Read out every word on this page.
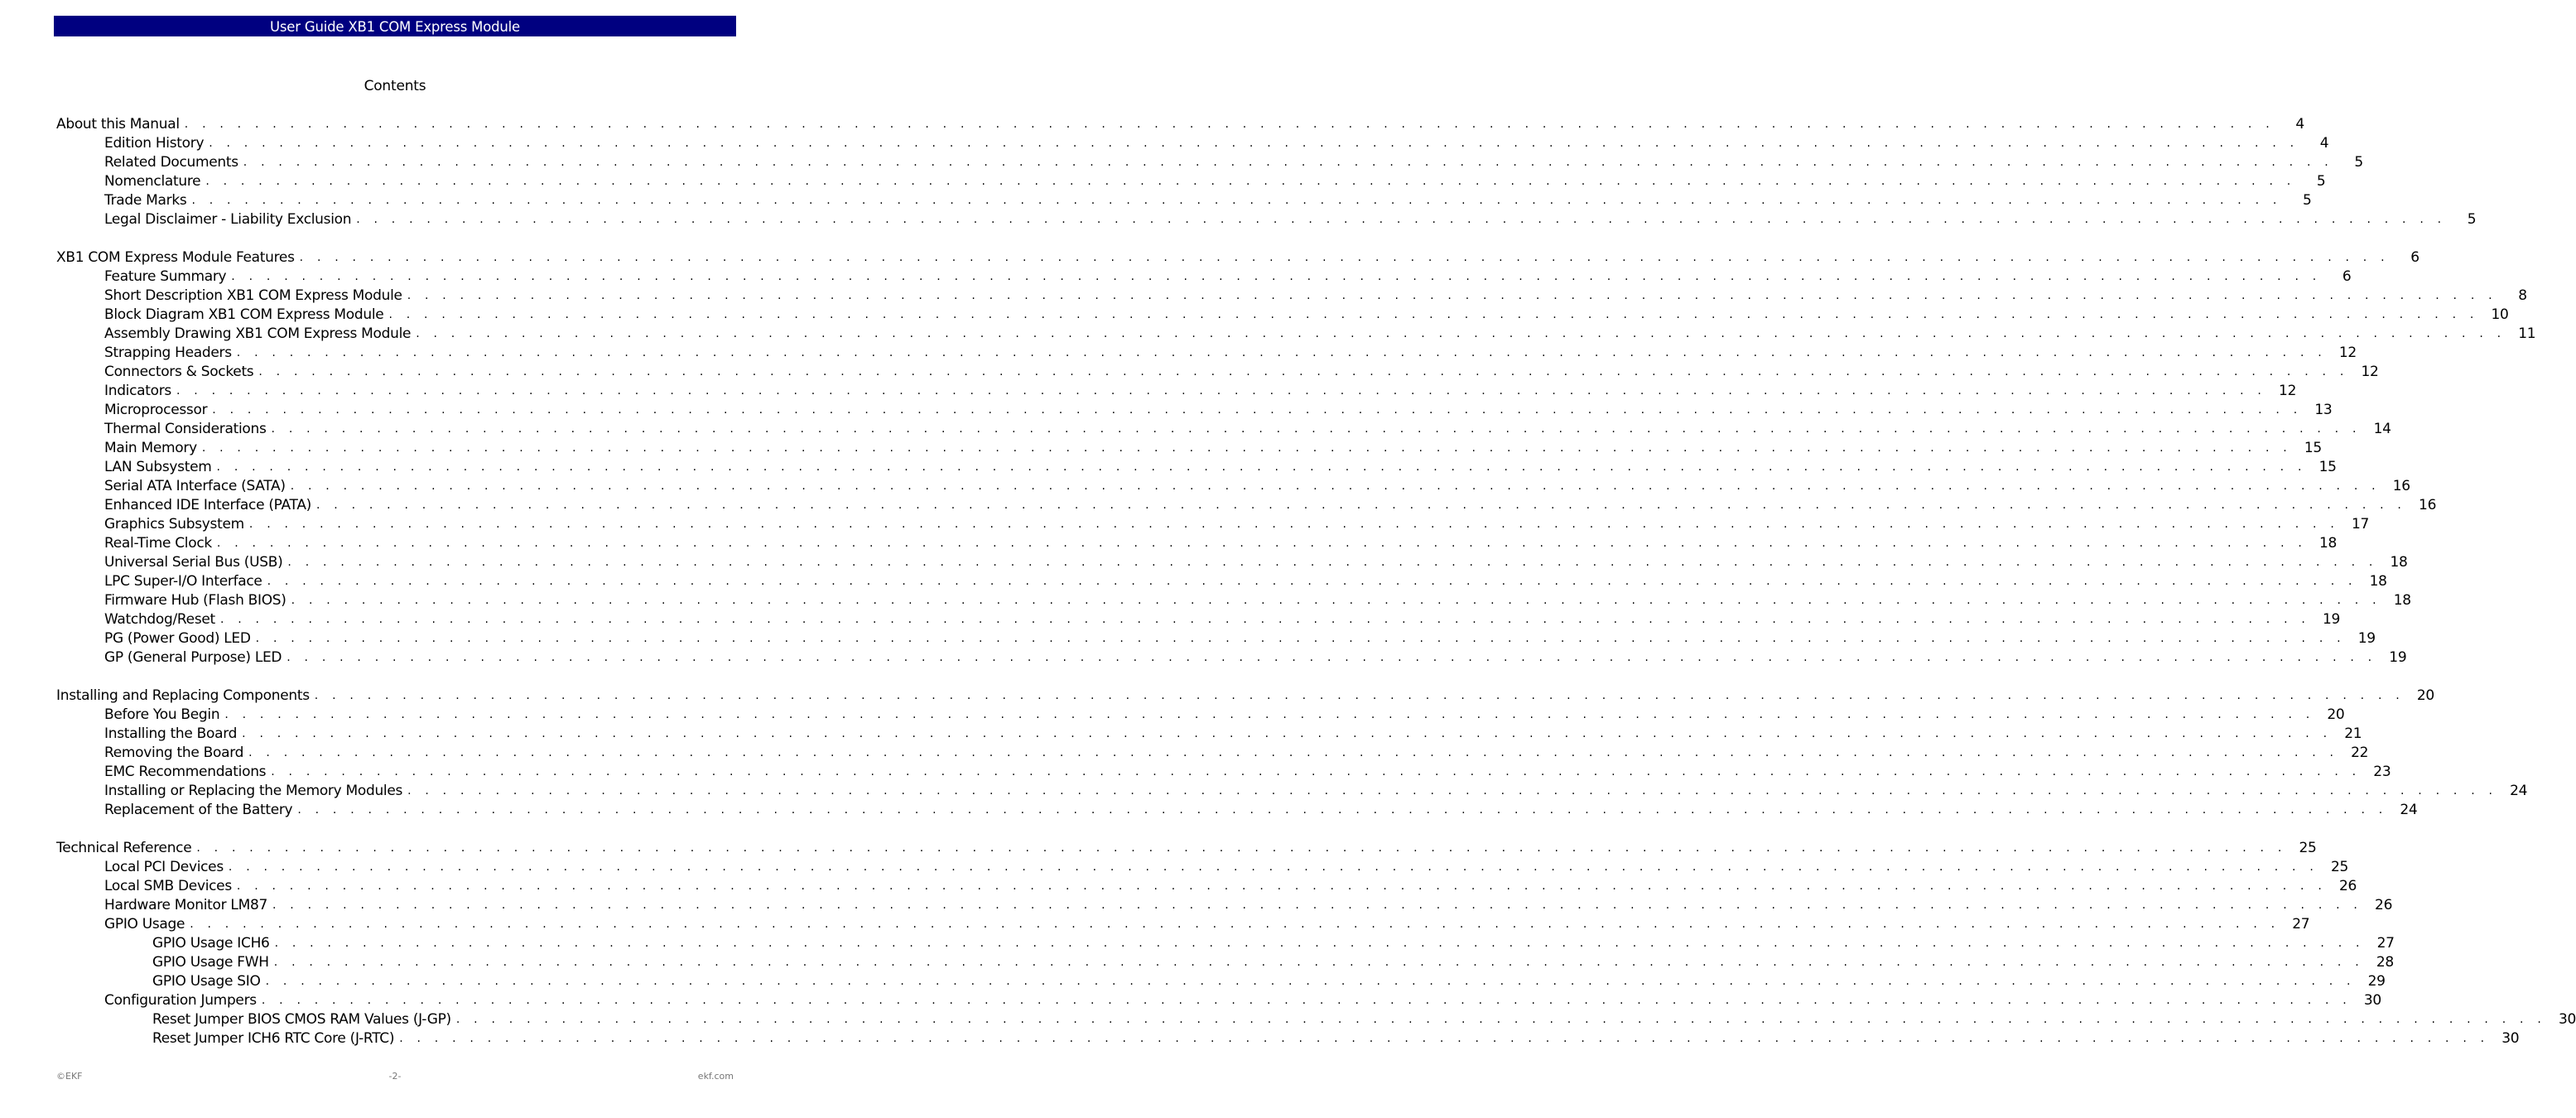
User Guide XB1 COM Express Module
Contents
About this Manual . . . . . . . . . . . . . . . . . . . . . . . . . . . . . . . . . . . . . . . . . . . . . . . . . . . . . . . . . . . . . . . . . . . . . . . . . . . . . . . . . . . . . . . . . . . . . . . . . . . . . . . . . . . . . . . . . . . . . . .	4
Edition History . . . . . . . . . . . . . . . . . . . . . . . . . . . . . . . . . . . . . . . . . . . . . . . . . . . . . . . . . . . . . . . . . . . . . . . . . . . . . . . . . . . . . . . . . . . . . . . . . . . . . . . . . . . . . . . . . . . . . . .	4
Related Documents . . . . . . . . . . . . . . . . . . . . . . . . . . . . . . . . . . . . . . . . . . . . . . . . . . . . . . . . . . . . . . . . . . . . . . . . . . . . . . . . . . . . . . . . . . . . . . . . . . . . . . . . . . . . . . . . . . . . . . .	5
Nomenclature . . . . . . . . . . . . . . . . . . . . . . . . . . . . . . . . . . . . . . . . . . . . . . . . . . . . . . . . . . . . . . . . . . . . . . . . . . . . . . . . . . . . . . . . . . . . . . . . . . . . . . . . . . . . . . . . . . . . . . .	5
Trade Marks . . . . . . . . . . . . . . . . . . . . . . . . . . . . . . . . . . . . . . . . . . . . . . . . . . . . . . . . . . . . . . . . . . . . . . . . . . . . . . . . . . . . . . . . . . . . . . . . . . . . . . . . . . . . . . . . . . . . . . .	5
Legal Disclaimer - Liability Exclusion . . . . . . . . . . . . . . . . . . . . . . . . . . . . . . . . . . . . . . . . . . . . . . . . . . . . . . . . . . . . . . . . . . . . . . . . . . . . . . . . . . . . . . . . . . . . . . . . . . . . . . . . . . . . . . . . . . . . . . .	5
XB1 COM Express Module Features . . . . . . . . . . . . . . . . . . . . . . . . . . . . . . . . . . . . . . . . . . . . . . . . . . . . . . . . . . . . . . . . . . . . . . . . . . . . . . . . . . . . . . . . . . . . . . . . . . . . . . . . . . . . . . . . . . . . . . .	6
Feature Summary . . . . . . . . . . . . . . . . . . . . . . . . . . . . . . . . . . . . . . . . . . . . . . . . . . . . . . . . . . . . . . . . . . . . . . . . . . . . . . . . . . . . . . . . . . . . . . . . . . . . . . . . . . . . . . . . . . . . . . .	6
Short Description XB1 COM Express Module . . . . . . . . . . . . . . . . . . . . . . . . . . . . . . . . . . . . . . . . . . . . . . . . . . . . . . . . . . . . . . . . . . . . . . . . . . . . . . . . . . . . . . . . . . . . . . . . . . . . . . . . . . . . . . . . . . . . . . .	8
Block Diagram XB1 COM Express Module . . . . . . . . . . . . . . . . . . . . . . . . . . . . . . . . . . . . . . . . . . . . . . . . . . . . . . . . . . . . . . . . . . . . . . . . . . . . . . . . . . . . . . . . . . . . . . . . . . . . . . . . . . . . . . . . . . . . . . . 10
Assembly Drawing XB1 COM Express Module . . . . . . . . . . . . . . . . . . . . . . . . . . . . . . . . . . . . . . . . . . . . . . . . . . . . . . . . . . . . . . . . . . . . . . . . . . . . . . . . . . . . . . . . . . . . . . . . . . . . . . . . . . . . . . . . . . . . . . . 11
Strapping Headers . . . . . . . . . . . . . . . . . . . . . . . . . . . . . . . . . . . . . . . . . . . . . . . . . . . . . . . . . . . . . . . . . . . . . . . . . . . . . . . . . . . . . . . . . . . . . . . . . . . . . . . . . . . . . . . . . . . . . . . 12
Connectors & Sockets . . . . . . . . . . . . . . . . . . . . . . . . . . . . . . . . . . . . . . . . . . . . . . . . . . . . . . . . . . . . . . . . . . . . . . . . . . . . . . . . . . . . . . . . . . . . . . . . . . . . . . . . . . . . . . . . . . . . . . . 12
Indicators . . . . . . . . . . . . . . . . . . . . . . . . . . . . . . . . . . . . . . . . . . . . . . . . . . . . . . . . . . . . . . . . . . . . . . . . . . . . . . . . . . . . . . . . . . . . . . . . . . . . . . . . . . . . . . . . . . . . . . . 12
Microprocessor . . . . . . . . . . . . . . . . . . . . . . . . . . . . . . . . . . . . . . . . . . . . . . . . . . . . . . . . . . . . . . . . . . . . . . . . . . . . . . . . . . . . . . . . . . . . . . . . . . . . . . . . . . . . . . . . . . . . . . . 13
Thermal Considerations . . . . . . . . . . . . . . . . . . . . . . . . . . . . . . . . . . . . . . . . . . . . . . . . . . . . . . . . . . . . . . . . . . . . . . . . . . . . . . . . . . . . . . . . . . . . . . . . . . . . . . . . . . . . . . . . . . . . . . . 14
Main Memory . . . . . . . . . . . . . . . . . . . . . . . . . . . . . . . . . . . . . . . . . . . . . . . . . . . . . . . . . . . . . . . . . . . . . . . . . . . . . . . . . . . . . . . . . . . . . . . . . . . . . . . . . . . . . . . . . . . . . . . 15
LAN Subsystem . . . . . . . . . . . . . . . . . . . . . . . . . . . . . . . . . . . . . . . . . . . . . . . . . . . . . . . . . . . . . . . . . . . . . . . . . . . . . . . . . . . . . . . . . . . . . . . . . . . . . . . . . . . . . . . . . . . . . . . 15
Serial ATA Interface (SATA) . . . . . . . . . . . . . . . . . . . . . . . . . . . . . . . . . . . . . . . . . . . . . . . . . . . . . . . . . . . . . . . . . . . . . . . . . . . . . . . . . . . . . . . . . . . . . . . . . . . . . . . . . . . . . . . . . . . . . . . 16
Enhanced IDE Interface (PATA) . . . . . . . . . . . . . . . . . . . . . . . . . . . . . . . . . . . . . . . . . . . . . . . . . . . . . . . . . . . . . . . . . . . . . . . . . . . . . . . . . . . . . . . . . . . . . . . . . . . . . . . . . . . . . . . . . . . . . . . 16
Graphics Subsystem . . . . . . . . . . . . . . . . . . . . . . . . . . . . . . . . . . . . . . . . . . . . . . . . . . . . . . . . . . . . . . . . . . . . . . . . . . . . . . . . . . . . . . . . . . . . . . . . . . . . . . . . . . . . . . . . . . . . . . . 17
Real-Time Clock . . . . . . . . . . . . . . . . . . . . . . . . . . . . . . . . . . . . . . . . . . . . . . . . . . . . . . . . . . . . . . . . . . . . . . . . . . . . . . . . . . . . . . . . . . . . . . . . . . . . . . . . . . . . . . . . . . . . . . . 18
Universal Serial Bus (USB) . . . . . . . . . . . . . . . . . . . . . . . . . . . . . . . . . . . . . . . . . . . . . . . . . . . . . . . . . . . . . . . . . . . . . . . . . . . . . . . . . . . . . . . . . . . . . . . . . . . . . . . . . . . . . . . . . . . . . . . 18
LPC Super-I/O Interface . . . . . . . . . . . . . . . . . . . . . . . . . . . . . . . . . . . . . . . . . . . . . . . . . . . . . . . . . . . . . . . . . . . . . . . . . . . . . . . . . . . . . . . . . . . . . . . . . . . . . . . . . . . . . . . . . . . . . . . 18
Firmware Hub (Flash BIOS) . . . . . . . . . . . . . . . . . . . . . . . . . . . . . . . . . . . . . . . . . . . . . . . . . . . . . . . . . . . . . . . . . . . . . . . . . . . . . . . . . . . . . . . . . . . . . . . . . . . . . . . . . . . . . . . . . . . . . . . 18
Watchdog/Reset . . . . . . . . . . . . . . . . . . . . . . . . . . . . . . . . . . . . . . . . . . . . . . . . . . . . . . . . . . . . . . . . . . . . . . . . . . . . . . . . . . . . . . . . . . . . . . . . . . . . . . . . . . . . . . . . . . . . . . . 19
PG (Power Good) LED . . . . . . . . . . . . . . . . . . . . . . . . . . . . . . . . . . . . . . . . . . . . . . . . . . . . . . . . . . . . . . . . . . . . . . . . . . . . . . . . . . . . . . . . . . . . . . . . . . . . . . . . . . . . . . . . . . . . . . . 19
GP (General Purpose) LED . . . . . . . . . . . . . . . . . . . . . . . . . . . . . . . . . . . . . . . . . . . . . . . . . . . . . . . . . . . . . . . . . . . . . . . . . . . . . . . . . . . . . . . . . . . . . . . . . . . . . . . . . . . . . . . . . . . . . . . 19
Installing and Replacing Components . . . . . . . . . . . . . . . . . . . . . . . . . . . . . . . . . . . . . . . . . . . . . . . . . . . . . . . . . . . . . . . . . . . . . . . . . . . . . . . . . . . . . . . . . . . . . . . . . . . . . . . . . . . . . . . . . . . . . . . 20
Before You Begin . . . . . . . . . . . . . . . . . . . . . . . . . . . . . . . . . . . . . . . . . . . . . . . . . . . . . . . . . . . . . . . . . . . . . . . . . . . . . . . . . . . . . . . . . . . . . . . . . . . . . . . . . . . . . . . . . . . . . . . 20
Installing the Board . . . . . . . . . . . . . . . . . . . . . . . . . . . . . . . . . . . . . . . . . . . . . . . . . . . . . . . . . . . . . . . . . . . . . . . . . . . . . . . . . . . . . . . . . . . . . . . . . . . . . . . . . . . . . . . . . . . . . . . 21
Removing the Board . . . . . . . . . . . . . . . . . . . . . . . . . . . . . . . . . . . . . . . . . . . . . . . . . . . . . . . . . . . . . . . . . . . . . . . . . . . . . . . . . . . . . . . . . . . . . . . . . . . . . . . . . . . . . . . . . . . . . . . 22
EMC Recommendations . . . . . . . . . . . . . . . . . . . . . . . . . . . . . . . . . . . . . . . . . . . . . . . . . . . . . . . . . . . . . . . . . . . . . . . . . . . . . . . . . . . . . . . . . . . . . . . . . . . . . . . . . . . . . . . . . . . . . . . 23
Installing or Replacing the Memory Modules . . . . . . . . . . . . . . . . . . . . . . . . . . . . . . . . . . . . . . . . . . . . . . . . . . . . . . . . . . . . . . . . . . . . . . . . . . . . . . . . . . . . . . . . . . . . . . . . . . . . . . . . . . . . . . . . . . . . . . . 24
Replacement of the Battery . . . . . . . . . . . . . . . . . . . . . . . . . . . . . . . . . . . . . . . . . . . . . . . . . . . . . . . . . . . . . . . . . . . . . . . . . . . . . . . . . . . . . . . . . . . . . . . . . . . . . . . . . . . . . . . . . . . . . . . 24
Technical Reference . . . . . . . . . . . . . . . . . . . . . . . . . . . . . . . . . . . . . . . . . . . . . . . . . . . . . . . . . . . . . . . . . . . . . . . . . . . . . . . . . . . . . . . . . . . . . . . . . . . . . . . . . . . . . . . . . . . . . . . 25
Local PCI Devices . . . . . . . . . . . . . . . . . . . . . . . . . . . . . . . . . . . . . . . . . . . . . . . . . . . . . . . . . . . . . . . . . . . . . . . . . . . . . . . . . . . . . . . . . . . . . . . . . . . . . . . . . . . . . . . . . . . . . . . 25
Local SMB Devices . . . . . . . . . . . . . . . . . . . . . . . . . . . . . . . . . . . . . . . . . . . . . . . . . . . . . . . . . . . . . . . . . . . . . . . . . . . . . . . . . . . . . . . . . . . . . . . . . . . . . . . . . . . . . . . . . . . . . . . 26
Hardware Monitor LM87 . . . . . . . . . . . . . . . . . . . . . . . . . . . . . . . . . . . . . . . . . . . . . . . . . . . . . . . . . . . . . . . . . . . . . . . . . . . . . . . . . . . . . . . . . . . . . . . . . . . . . . . . . . . . . . . . . . . . . . . 26
GPIO Usage . . . . . . . . . . . . . . . . . . . . . . . . . . . . . . . . . . . . . . . . . . . . . . . . . . . . . . . . . . . . . . . . . . . . . . . . . . . . . . . . . . . . . . . . . . . . . . . . . . . . . . . . . . . . . . . . . . . . . . . 27
GPIO Usage ICH6 . . . . . . . . . . . . . . . . . . . . . . . . . . . . . . . . . . . . . . . . . . . . . . . . . . . . . . . . . . . . . . . . . . . . . . . . . . . . . . . . . . . . . . . . . . . . . . . . . . . . . . . . . . . . . . . . . . . . . . . 27
GPIO Usage FWH . . . . . . . . . . . . . . . . . . . . . . . . . . . . . . . . . . . . . . . . . . . . . . . . . . . . . . . . . . . . . . . . . . . . . . . . . . . . . . . . . . . . . . . . . . . . . . . . . . . . . . . . . . . . . . . . . . . . . . . 28
GPIO Usage SIO . . . . . . . . . . . . . . . . . . . . . . . . . . . . . . . . . . . . . . . . . . . . . . . . . . . . . . . . . . . . . . . . . . . . . . . . . . . . . . . . . . . . . . . . . . . . . . . . . . . . . . . . . . . . . . . . . . . . . . . 29
Configuration Jumpers . . . . . . . . . . . . . . . . . . . . . . . . . . . . . . . . . . . . . . . . . . . . . . . . . . . . . . . . . . . . . . . . . . . . . . . . . . . . . . . . . . . . . . . . . . . . . . . . . . . . . . . . . . . . . . . . . . . . . . . 30
Reset Jumper BIOS CMOS RAM Values (J-GP) . . . . . . . . . . . . . . . . . . . . . . . . . . . . . . . . . . . . . . . . . . . . . . . . . . . . . . . . . . . . . . . . . . . . . . . . . . . . . . . . . . . . . . . . . . . . . . . . . . . . . . . . . . . . . . . . . . . . . . . 30
Reset Jumper ICH6 RTC Core (J-RTC) . . . . . . . . . . . . . . . . . . . . . . . . . . . . . . . . . . . . . . . . . . . . . . . . . . . . . . . . . . . . . . . . . . . . . . . . . . . . . . . . . . . . . . . . . . . . . . . . . . . . . . . . . . . . . . . . . . . . . . . 30
©EKF	-2-	ekf.com
